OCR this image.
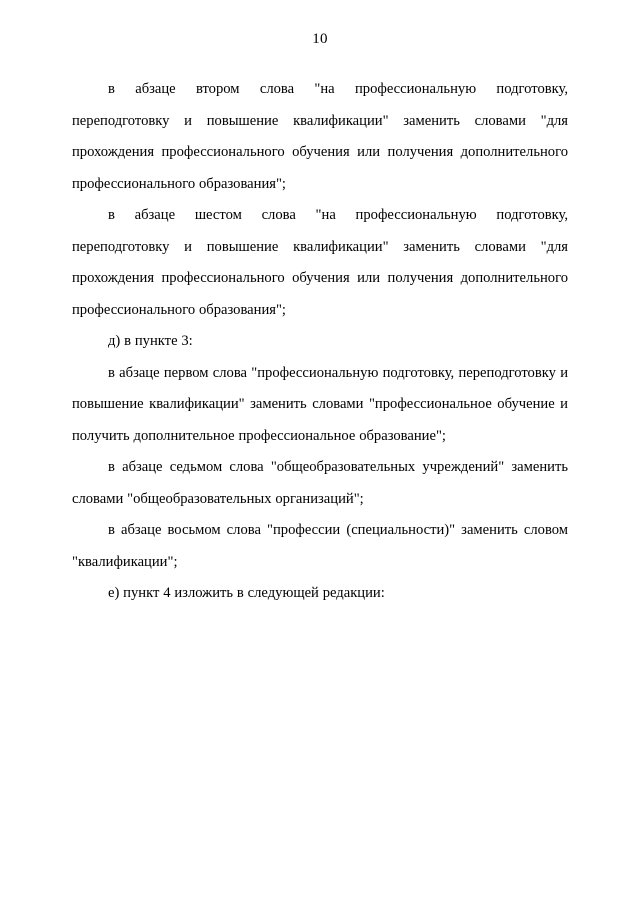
10

в абзаце втором слова "на профессиональную подготовку, переподготовку и повышение квалификации" заменить словами "для прохождения профессионального обучения или получения дополнительного профессионального образования";

в абзаце шестом слова "на профессиональную подготовку, переподготовку и повышение квалификации" заменить словами "для прохождения профессионального обучения или получения дополнительного профессионального образования";

д) в пункте 3:

в абзаце первом слова "профессиональную подготовку, переподготовку и повышение квалификации" заменить словами "профессиональное обучение и получить дополнительное профессиональное образование";

в абзаце седьмом слова "общеобразовательных учреждений" заменить словами "общеобразовательных организаций";

в абзаце восьмом слова "профессии (специальности)" заменить словом "квалификации";

е) пункт 4 изложить в следующей редакции:
